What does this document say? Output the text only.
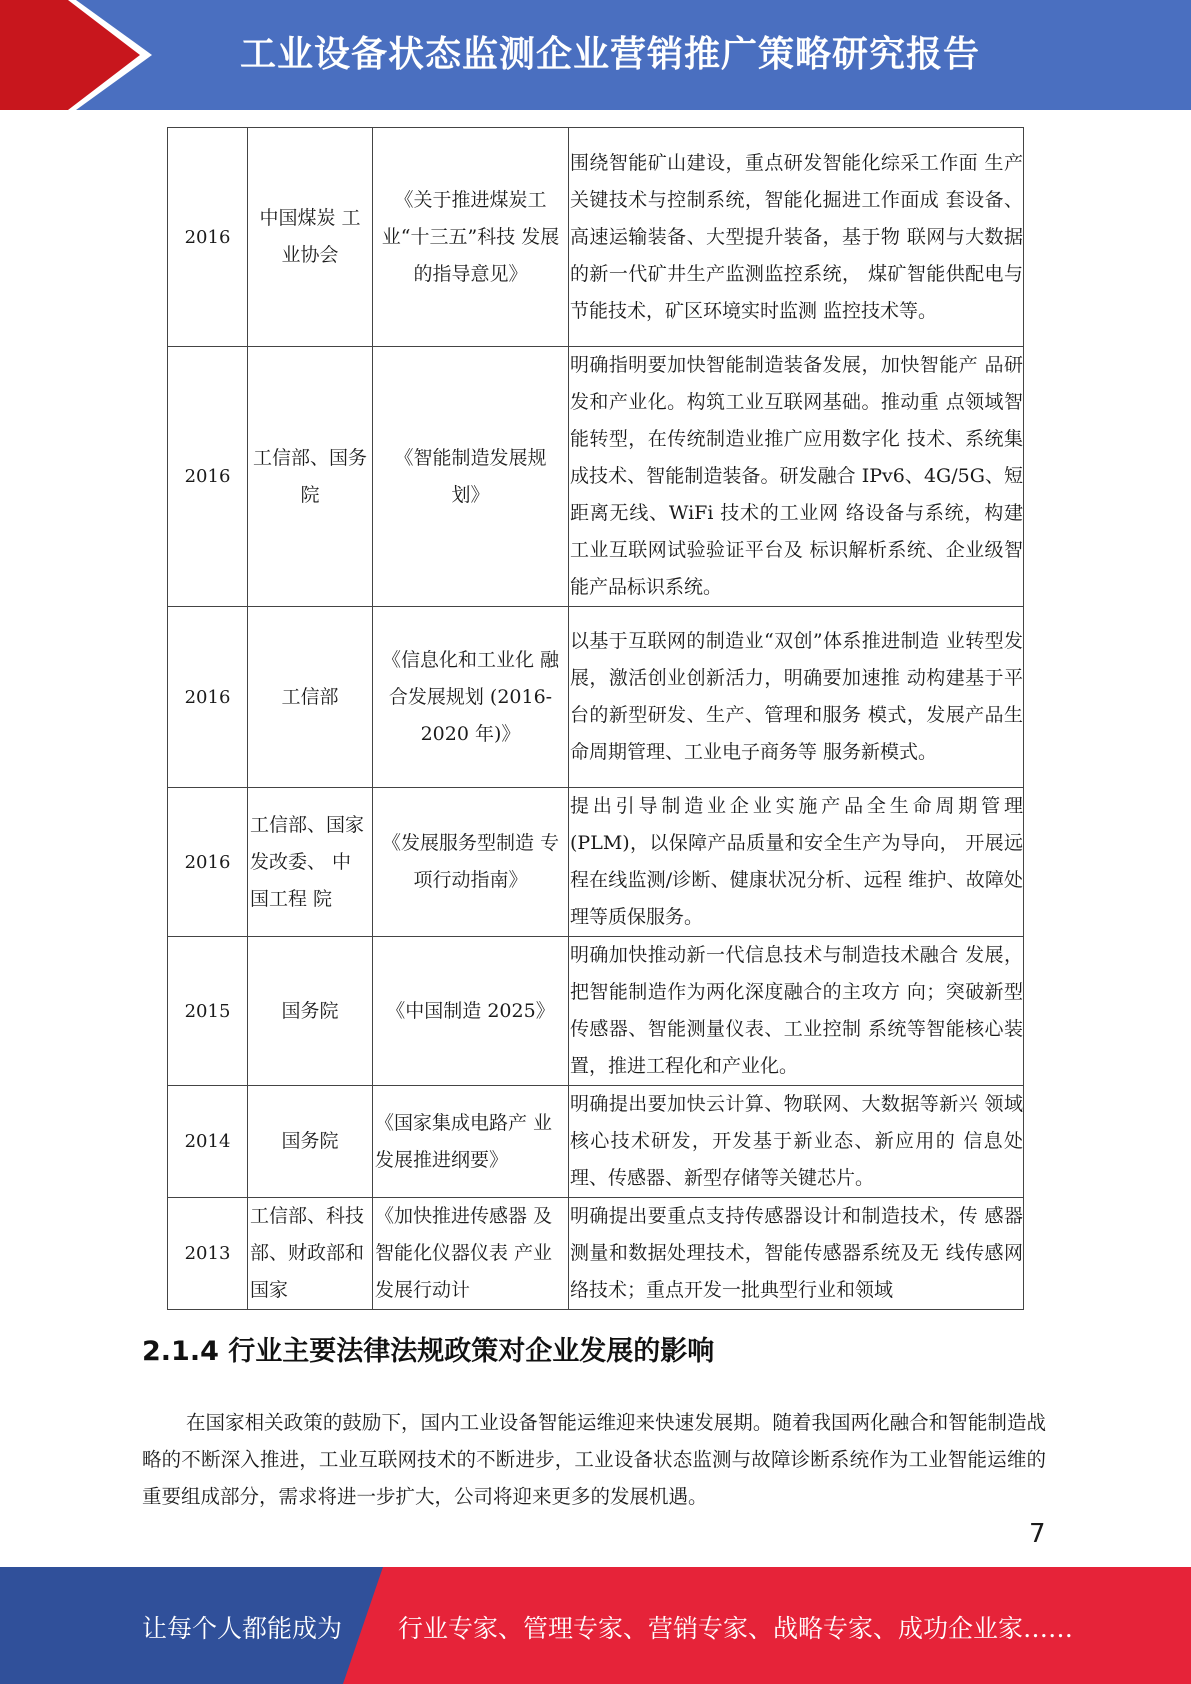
工业设备状态监测企业营销推广策略研究报告
2016	中国煤炭 工业协会	《关于推进煤炭工 业“十三五”科技 发展的指导意见》	围绕智能矿山建设，重点研发智能化综采工作面 生产关键技术与控制系统，智能化掘进工作面成 套设备、高速运输装备、大型提升装备，基于物 联网与大数据的新一代矿井生产监测监控系统， 煤矿智能供配电与节能技术，矿区环境实时监测 监控技术等。
2016	工信部、国务院	《智能制造发展规划》	明确指明要加快智能制造装备发展，加快智能产 品研发和产业化。构筑工业互联网基础。推动重 点领域智能转型，在传统制造业推广应用数字化 技术、系统集成技术、智能制造装备。研发融合 IPv6、4G/5G、短距离无线、WiFi 技术的工业网 络设备与系统，构建工业互联网试验验证平台及 标识解析系统、企业级智能产品标识系统。
2016	工信部	《信息化和工业化 融合发展规划 (2016-2020 年)》	以基于互联网的制造业“双创”体系推进制造 业转型发展，激活创业创新活力，明确要加速推 动构建基于平台的新型研发、生产、管理和服务 模式，发展产品生命周期管理、工业电子商务等 服务新模式。
2016	工信部、国家发改委、 中国工程 院	《发展服务型制造 专项行动指南》	提出引导制造业企业实施产品全生命周期管理 (PLM)，以保障产品质量和安全生产为导向， 开展远程在线监测/诊断、健康状况分析、远程 维护、故障处理等质保服务。
2015	国务院	《中国制造 2025》	明确加快推动新一代信息技术与制造技术融合 发展，把智能制造作为两化深度融合的主攻方 向；突破新型传感器、智能测量仪表、工业控制 系统等智能核心装置，推进工程化和产业化。
2014	国务院	《国家集成电路产 业发展推进纲要》	明确提出要加快云计算、物联网、大数据等新兴 领域核心技术研发，开发基于新业态、新应用的 信息处理、传感器、新型存储等关键芯片。
2013	工信部、科技部、财政部和国家	《加快推进传感器 及智能化仪器仪表 产业发展行动计	明确提出要重点支持传感器设计和制造技术，传 感器测量和数据处理技术，智能传感器系统及无 线传感网络技术；重点开发一批典型行业和领域
2.1.4 行业主要法律法规政策对企业发展的影响
在国家相关政策的鼓励下，国内工业设备智能运维迎来快速发展期。随着我国两化融合和智能制造战略的不断深入推进，工业互联网技术的不断进步，工业设备状态监测与故障诊断系统作为工业智能运维的重要组成部分，需求将进一步扩大，公司将迎来更多的发展机遇。
7
让每个人都能成为 行业专家、管理专家、营销专家、战略专家、成功企业家……
